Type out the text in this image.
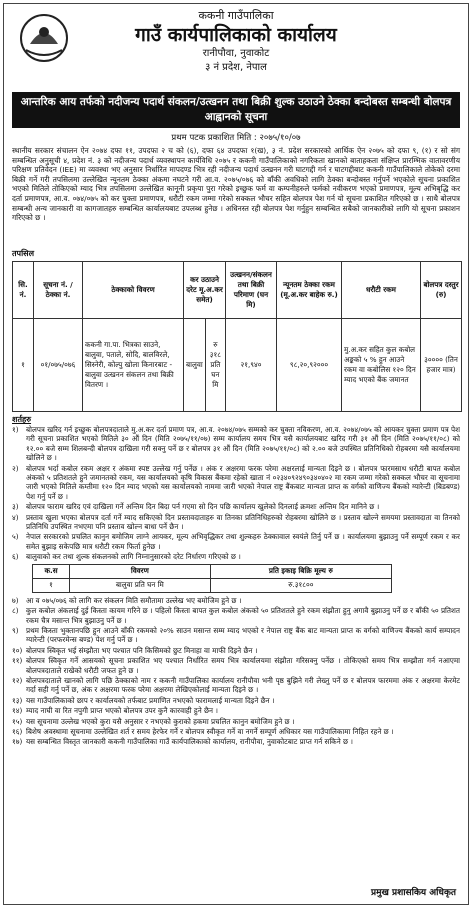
ककनी गाउँपालिका
गाउँ कार्यपालिकाको कार्यालय
रानीपौवा, नुवाकोट
३ नं प्रदेश, नेपाल
आन्तरिक आय तर्फको नदीजन्य पदार्थ संकलन/उत्खनन तथा बिक्री शुल्क उठाउने ठेक्का बन्दोबस्त सम्बन्धी बोलपत्र आह्वानको सूचना
प्रथम पटक प्रकाशित मिति : २०७५/१०/०७
स्थानीय सरकार संचालन ऐन २०७४ दफा ११, उपदफा २ च को (६), दफा ६४ उपदफा १(ख), ३ नं. प्रदेश सरकारको आर्थिक ऐन २०७५ को दफा ९, (१) र सो संग सम्बन्धित अनुसूची ४, प्रदेश नं. ३ को नदीजन्य पदार्थ व्यवस्थापन कार्यविधि २०७५ र ककनी गाउँपालिकाको नगरिकता खानको बाताहकता संक्षिप्त प्रारम्भिक वातावरणीय परिक्षण प्रतिवेदन (IEE) मा व्यवस्था भए अनुसार निर्धारित मापदण्ड भित्र रही नदीजन्य पदार्थ उत्खनन गरी घाटगद्दी गर्न र घाटगद्दीबाट ककनी गाउँपालिकाले तोकेको दरमा बिक्री गर्ने गरी तपसिलमा उल्लेखित न्यूनतम ठेक्का अंकमा नघटने गरी आ.व. २०७५/०७६ को बाँकी अवधिको लागि ठेक्का बन्दोबस्त गर्नुपर्ने भएकोले सूचना प्रकाशित भएको मितिले तोकिएको म्याद भित्र तपसिलमा उल्लेखित कानूनी प्रकृया पुरा गरेको इच्छुक फर्म वा कम्पनीहरुले फर्मको नवीकरण भएको प्रमाणपत्र, मूल्य अभिबृद्धि कर दर्ता प्रमाणपत्र, आ.व. ०७४/०७५ को कर चुक्ता प्रमाणपत्र, धरौटी रकम जम्मा गरेको सक्कल भौचर सहित बोलपत्र पेश गर्न यो सूचना प्रकाशित गरिएको छ । साथै बोलपत्र सम्बन्धी अन्य जानकारी वा कागजातहरु सम्बन्धित कार्यालयबाट उपलब्ध हुनेछ । अधिनस्त रही बोलपत्र पेश गर्नुहुन सम्बन्धित सबैको जानकारीको लागि यो सूचना प्रकाशन गरिएको छ ।
तपसिल
सि. नं.	सूचना नं. / ठेक्का नं.	ठेक्काको विवरण	कर उठाउने दरेट मू.अ.कर समेत)		उत्खनन/संकलन तथा बिक्री परिमाण (घन मि)	न्यूनतम ठेक्का रकम (मू.अ.कर बाहेक रु.)	धरौटी रकम	बोलपत्र दस्तुर (रु)
१	०१/०७५/०७६	ककनी गा.पा. भित्रका साउने, बालुवा, पताले, सोदि, बालविरले, सिस्नेरी, कोल्पु खोला किनारबाट - बालुवा उत्खनन संकलन तथा बिक्री वितरण ।	बालुवा	रु ३१८ प्रति घन मि	२१,९४०	९८,२०,९२०००	मु.अ.कर सहित कुल कबोल अङ्कको ५ % हुन आउने रकम वा कबोलिस १२० दिन म्याद भएको बैंक जमानत	३०००० (तिन हजार मात्र)
शर्तहरु
१)	बोलपत्र खरिद गर्न इच्छुक बोलपत्रदाताले मु.अ.कर दर्ता प्रमाण पत्र, आ.व. २०७४/०७५ सम्मको कर चुक्ता नविकरण, आ.व. २०७४/०७५ को आयकर चुक्ता प्रमाण पत्र पेश गरी सूचना प्रकाशित भएको मितिले ३० औं दिन (मिति २०७५/११/०७) सम्म कार्यालय समय भित्र यसै कार्यालयबाट खरिद गरी ३१ औं दिन (मिति २०७५/११/०८) को १२.०० बजे सम्म शिलबन्दी बोलपत्र दाखिला गरी सक्नु पर्ने छ र बोलपत्र ३१ औं दिन (मिति २०७५/११/०८) को २.०० बजे उपस्थित प्रतिनिधिको रोहबरमा यसै कार्यालयमा खोलिने छ ।
२)	बोलपत्र भर्दा कबोल रकम अक्षर र अंकमा स्पष्ट उल्लेख गर्नु पर्नेछ । अंक र अक्षरमा फरक परेमा अक्षरलाई मान्यता दिइने छ । बोलपत्र फारमसाथ धरौटी बापत कबोल अंकको ५ प्रतिशतले हुने जमानतको रकम, यस कार्यालयको कृषि विकास बैंकमा रहेको खाता नं ०२३४०९२४९०३४०४०२ मा रकम जम्मा गरेको सक्कल भौचर वा सूचनामा जारी भएको मितिले कम्तीमा १२० दिन म्याद भएको यस कार्यालयको नाममा जारी भएको नेपाल राष्ट्र बैंकबाट मान्यता प्राप्त क वर्गको वाणिज्य बैंकको ग्यारेन्टी (बिडबण्ड) पेश गर्नु पर्ने छ ।
३)	बोलपत्र फाराम खरिद एवं दाखिला गर्ने अन्तिम दिन बिदा पर्न गएमा सो दिन पछि कार्यालय खुलेको दिनलाई क्रमशः अन्तिम दिन मानिने छ ।
४)	प्रस्ताव खुला भएका बोलपत्र दर्ता गर्ने म्याद सकिएको दिन प्रस्तावदाताहरु वा तिनका प्रतिनिधिहरुको रोहबरमा खोलिने छ । प्रस्ताव खोल्ने समयमा प्रस्तावदाता वा तिनको प्रतिनिधि उपस्थित नभएमा पनि प्रस्ताव खोल्न बाधा पर्ने छैन ।
५)	नेपाल सरकारको प्रचलित कानुन बमोजिम लाग्ने आयकर, मूल्य अभिवृद्धिकर तथा शुल्कहरु ठेक्कावाल स्वयंले तिर्नु पर्ने छ । कार्यालयमा बुझाउनु पर्ने सम्पूर्ण रकम र कर समेत बुझाइ सकेपछि मात्र धरौटी रकम फिर्ता हुनेछ ।
६)	बालुवाको कर तथा शुल्क संकलनको लागि निम्नानुसारको दरेट निर्धारण गरिएको छ ।
क.स	विवरण	प्रति इकाइ बिक्रि मूल्य रु
१	बालुवा प्रति घन मि	रु.३१८००
७)	आ व ०७५/०७६ को लागि कर संकलन मिति समौतामा उल्लेख भए बमोजिम हुने छ ।
८)	कुल कबोल अंकलाई दुई किस्ता कायम गरिने छ । पहिलो किस्ता बापत कुल कबोल अंकको ५० प्रतिशतले हुने रकम संझौता हुनु अगावै बुझाउनु पर्ने छ र बाँकी ५० प्रतिशत रकम चैत्र मसान्त भित्र बुझाउनु पर्ने छ ।
९)	प्रथम किस्ता भुक्तानपछि हुन आउने बाँकी रकमको २०% साउन मसान्त सम्म म्याद भएको र नेपाल राष्ट्र बैंक बाट मान्यता प्राप्त क वर्गको वाणिज्य बैंकको कार्य सम्पादन ग्यारेन्टी (परफरमेन्स बण्ड) पेश गर्नु पर्ने छ ।
१०) बोलपत्र स्विकृत भई संम्झौता भए पश्चात पनि किसिमको छुट मिनाहा वा माफी दिइने छैन ।
११) बोलपत्र स्विकृत गर्ने आसयको सूचना प्रकाशित भए पश्चात निर्धारित समय भित्र कार्यालयमा संझौता गरिसक्नु पर्नेछ । तोकिएको समय भित्र सम्झौता गर्न नआएमा बोलपत्रदाताले राखेको धरौटी जफत हुने छ ।
१२) बोलपत्रदाताले खानको लागि पछि ठेक्काको नाम र ककनी गाउँपालिका कार्यालय रानीपौवा भनी पृष्ठ बुझिने गरी लेख्नु पर्ने छ र बोलपत्र फारममा अंक र अक्षरमा केरमेट गर्दा सही गर्नु पर्ने छ, अंक र अक्षरमा फरक परेमा अक्षरमा लेखिएकोलाई मान्यता दिइने छ ।
१३) यस गाउँपालिकाको छाप र कार्यालयको तर्फबाट प्रमाणित नभएको फारामलाई मान्यता दिइने छैन ।
१४) म्याद नाघी वा रित नपुगी प्राप्त भएको बोलपत्र उपर कुनै कारवाही हुने छैन ।
१५) यस सूचनामा उल्लेख भएको कुरा यसै अनुसार र नभएको कुराको हकमा प्रचलित कानुन बमोजिम हुने छ ।
१६) बिशेष अवस्थामा सूचनामा उल्लेखित शर्त र समय हेरफेर गर्ने र बोलपत्र स्वीकृत गर्ने वा नगर्ने सम्पूर्ण अधिकार यस गाउँपालिकामा निहित रहने छ ।
१७) यस सम्बन्धित विस्तृत जानकारी ककनी गाउँपालिका गाउँ कार्यपालिकाको कार्यालय, रानीपौवा, नुवाकोटबाट प्राप्त गर्न सकिने छ ।
प्रमुख प्रशासकिय अधिकृत
